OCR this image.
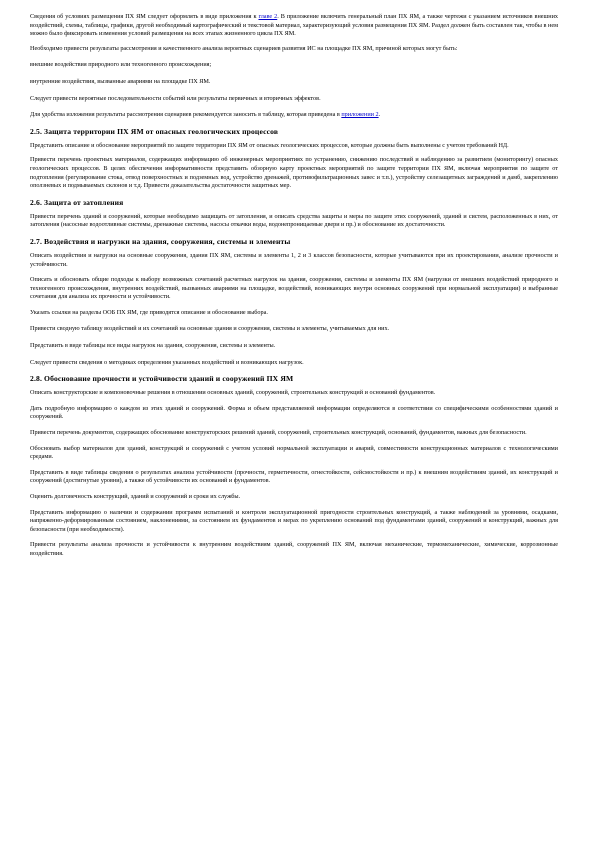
Сведения об условиях размещения ПХ ЯМ следует оформлять в виде приложения к главе 2. В приложение включить генеральный план ПХ ЯМ, а также чертежи с указанием источников внешних воздействий, схемы, таблицы, графики, другой необходимый картографический и текстовой материал, характеризующий условия размещения ПХ ЯМ. Раздел должен быть составлен так, чтобы в нем можно было фиксировать изменения условий размещения на всех этапах жизненного цикла ПХ ЯМ.

Необходимо привести результаты рассмотрения и качественного анализа вероятных сценариев развития ИС на площадке ПХ ЯМ, причиной которых могут быть:

внешние воздействия природного или техногенного происхождения;

внутренние воздействия, вызванные авариями на площадке ПХ ЯМ.

Следует привести вероятные последовательности событий или результаты первичных и вторичных эффектов.

Для удобства изложения результаты рассмотрения сценариев рекомендуется заносить в таблицу, которая приведена в приложении 2.

2.5. Защита территории ПХ ЯМ от опасных геологических процессов

Представить описание и обоснование мероприятий по защите территории ПХ ЯМ от опасных геологических процессов, которые должны быть выполнены с учетом требований НД.

Привести перечень проектных материалов, содержащих информацию об инженерных мероприятиях по устранению, снижению последствий и наблюдению за развитием (мониторингу) опасных геологических процессов. В целях обеспечения информативности представить обзорную карту проектных мероприятий по защите территории ПХ ЯМ, включая мероприятия по защите от подтопления (регулирование стока, отвод поверхностных и подземных вод, устройство дренажей, противофильтрационных завес и т.п.), устройству селезащитных заграждений и дамб, закреплению оползневых и подмываемых склонов и т.д. Привести доказательства достаточности защитных мер.

2.6. Защита от затопления

Привести перечень зданий и сооружений, которые необходимо защищать от затопления, и описать средства защиты и меры по защите этих сооружений, зданий и систем, расположенных в них, от затопления (насосные водоотливные системы, дренажные системы, насосы откачки воды, водонепроницаемые двери и пр.) и обоснование их достаточности.

2.7. Воздействия и нагрузки на здания, сооружения, системы и элементы

Описать воздействия и нагрузки на основные сооружения, здания ПХ ЯМ, системы и элементы 1, 2 и 3 классов безопасности, которые учитываются при их проектировании, анализе прочности и устойчивости.

Описать и обосновать общие подходы к выбору возможных сочетаний расчетных нагрузок на здания, сооружения, системы и элементы ПХ ЯМ (нагрузки от внешних воздействий природного и техногенного происхождения, внутренних воздействий, вызванных авариями на площадке, воздействий, возникающих внутри основных сооружений при нормальной эксплуатации) и выбранные сочетания для анализа их прочности и устойчивости.

Указать ссылки на разделы ООБ ПХ ЯМ, где приводятся описание и обоснование выбора.

Привести сводную таблицу воздействий и их сочетаний на основные здания и сооружения, системы и элементы, учитываемых для них.

Представить в виде таблицы все виды нагрузок на здания, сооружения, системы и элементы.

Следует привести сведения о методиках определения указанных воздействий и возникающих нагрузок.

2.8. Обоснование прочности и устойчивости зданий и сооружений ПХ ЯМ

Описать конструкторские и компоновочные решения в отношении основных зданий, сооружений, строительных конструкций и оснований фундаментов.

Дать подробную информацию о каждом из этих зданий и сооружений. Форма и объем представляемой информации определяются в соответствии со специфическими особенностями зданий и сооружений.

Привести перечень документов, содержащих обоснование конструкторских решений зданий, сооружений, строительных конструкций, оснований, фундаментов, важных для безопасности.

Обосновать выбор материалов для зданий, конструкций и сооружений с учетом условий нормальной эксплуатации и аварий, совместимости конструкционных материалов с технологическими средами.

Представить в виде таблицы сведения о результатах анализа устойчивости (прочности, герметичности, огнестойкости, сейсмостойкости и пр.) к внешним воздействиям зданий, их конструкций и сооружений (достигнутые уровни), а также об устойчивости их оснований и фундаментов.

Оценить долговечность конструкций, зданий и сооружений и сроки их службы.

Представить информацию о наличии и содержании программ испытаний и контроля эксплуатационной пригодности строительных конструкций, а также наблюдений за уровнями, осадками, напряженно-деформированным состоянием, наклонениями, за состоянием их фундаментов и мерах по укреплению оснований под фундаментами зданий, сооружений и конструкций, важных для безопасности (при необходимости).

Привести результаты анализа прочности и устойчивости к внутренним воздействиям зданий, сооружений ПХ ЯМ, включая механические, термомеханические, химические, коррозионные воздействия.
